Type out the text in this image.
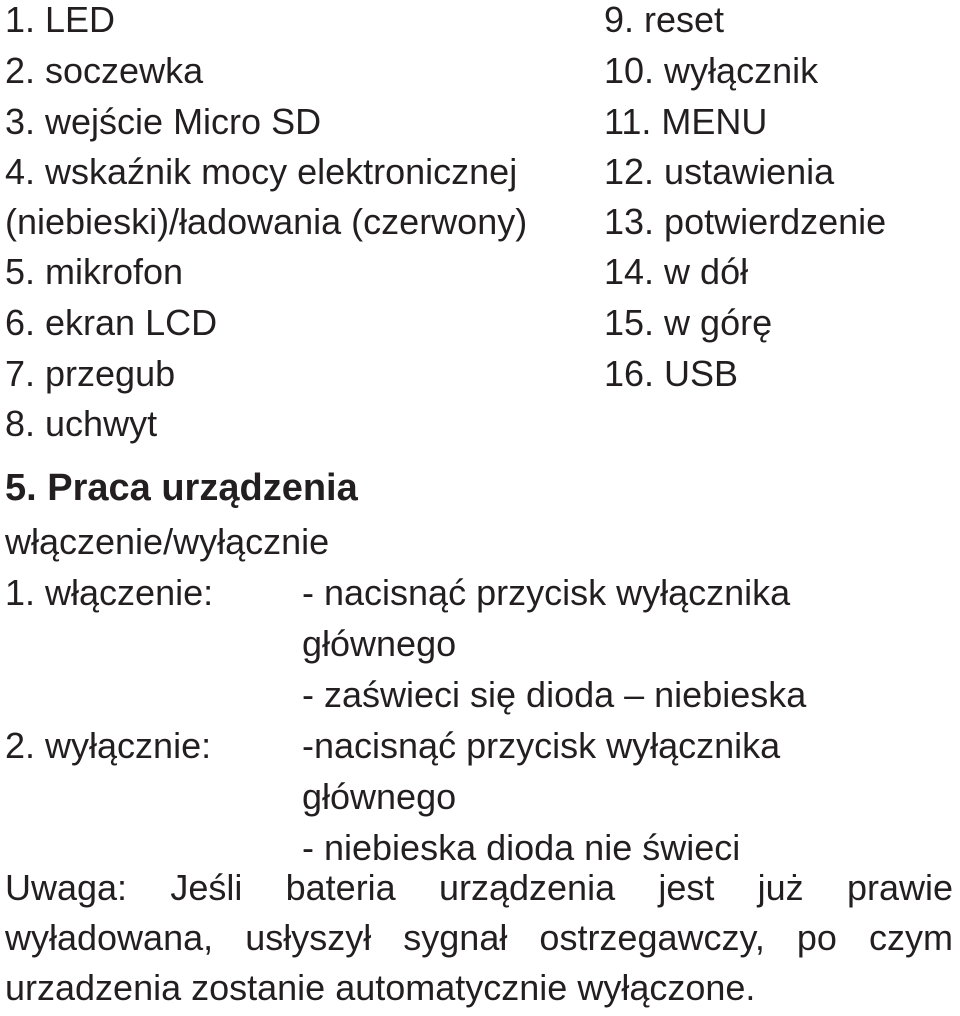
1. LED
2. soczewka
3. wejście Micro SD
4. wskaźnik mocy elektronicznej
(niebieski)/ładowania (czerwony)
5. mikrofon
6. ekran LCD
7. przegub
8. uchwyt
9. reset
10. wyłącznik
11. MENU
12. ustawienia
13. potwierdzenie
14. w dół
15. w górę
16. USB
5. Praca urządzenia
włączenie/wyłącznie
1. włączenie: - nacisnąć przycisk wyłącznika
głównego
- zaświeci się dioda – niebieska
2. wyłącznie:	-nacisnąć przycisk wyłącznika
głównego
- niebieska dioda nie świeci
Uwaga: Jeśli bateria urządzenia jest już prawie
wyładowana, usłyszył sygnał ostrzegawczy, po czym
urzadzenia zostanie automatycznie wyłączone.
